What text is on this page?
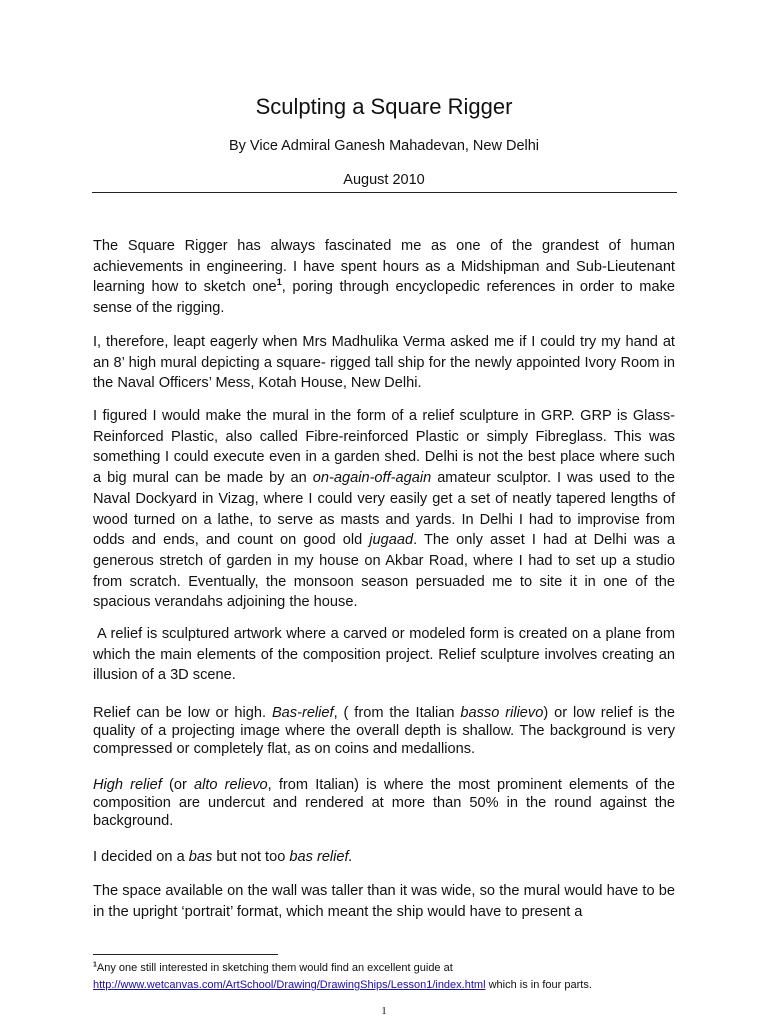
Sculpting a Square Rigger
By Vice Admiral Ganesh Mahadevan, New Delhi
August 2010

The Square Rigger has always fascinated me as one of the grandest of human achievements in engineering. I have spent hours as a Midshipman and Sub-Lieutenant learning how to sketch one$^1$, poring through encyclopedic references in order to make sense of the rigging.

I, therefore, leapt eagerly when Mrs Madhulika Verma asked me if I could try my hand at an 8’ high mural depicting a square- rigged tall ship for the newly appointed Ivory Room in the Naval Officers’ Mess, Kotah House, New Delhi.

I figured I would make the mural in the form of a relief sculpture in GRP. GRP is Glass-Reinforced Plastic, also called Fibre-reinforced Plastic or simply Fibreglass. This was something I could execute even in a garden shed. Delhi is not the best place where such a big mural can be made by an on-again-off-again amateur sculptor. I was used to the Naval Dockyard in Vizag, where I could very easily get a set of neatly tapered lengths of wood turned on a lathe, to serve as masts and yards. In Delhi I had to improvise from odds and ends, and count on good old jugaad. The only asset I had at Delhi was a generous stretch of garden in my house on Akbar Road, where I had to set up a studio from scratch. Eventually, the monsoon season persuaded me to site it in one of the spacious verandahs adjoining the house.

A relief is sculptured artwork where a carved or modeled form is created on a plane from which the main elements of the composition project. Relief sculpture involves creating an illusion of a 3D scene.

Relief can be low or high. Bas-relief, ( from the Italian basso rilievo) or low relief is the quality of a projecting image where the overall depth is shallow. The background is very compressed or completely flat, as on coins and medallions.

High relief (or alto relievo, from Italian) is where the most prominent elements of the composition are undercut and rendered at more than 50% in the round against the background.

I decided on a bas but not too bas relief.

The space available on the wall was taller than it was wide, so the mural would have to be in the upright ‘portrait’ format, which meant the ship would have to present a

$^1$Any one still interested in sketching them would find an excellent guide at
http://www.wetcanvas.com/ArtSchool/Drawing/DrawingShips/Lesson1/index.html which is in four parts.
1
